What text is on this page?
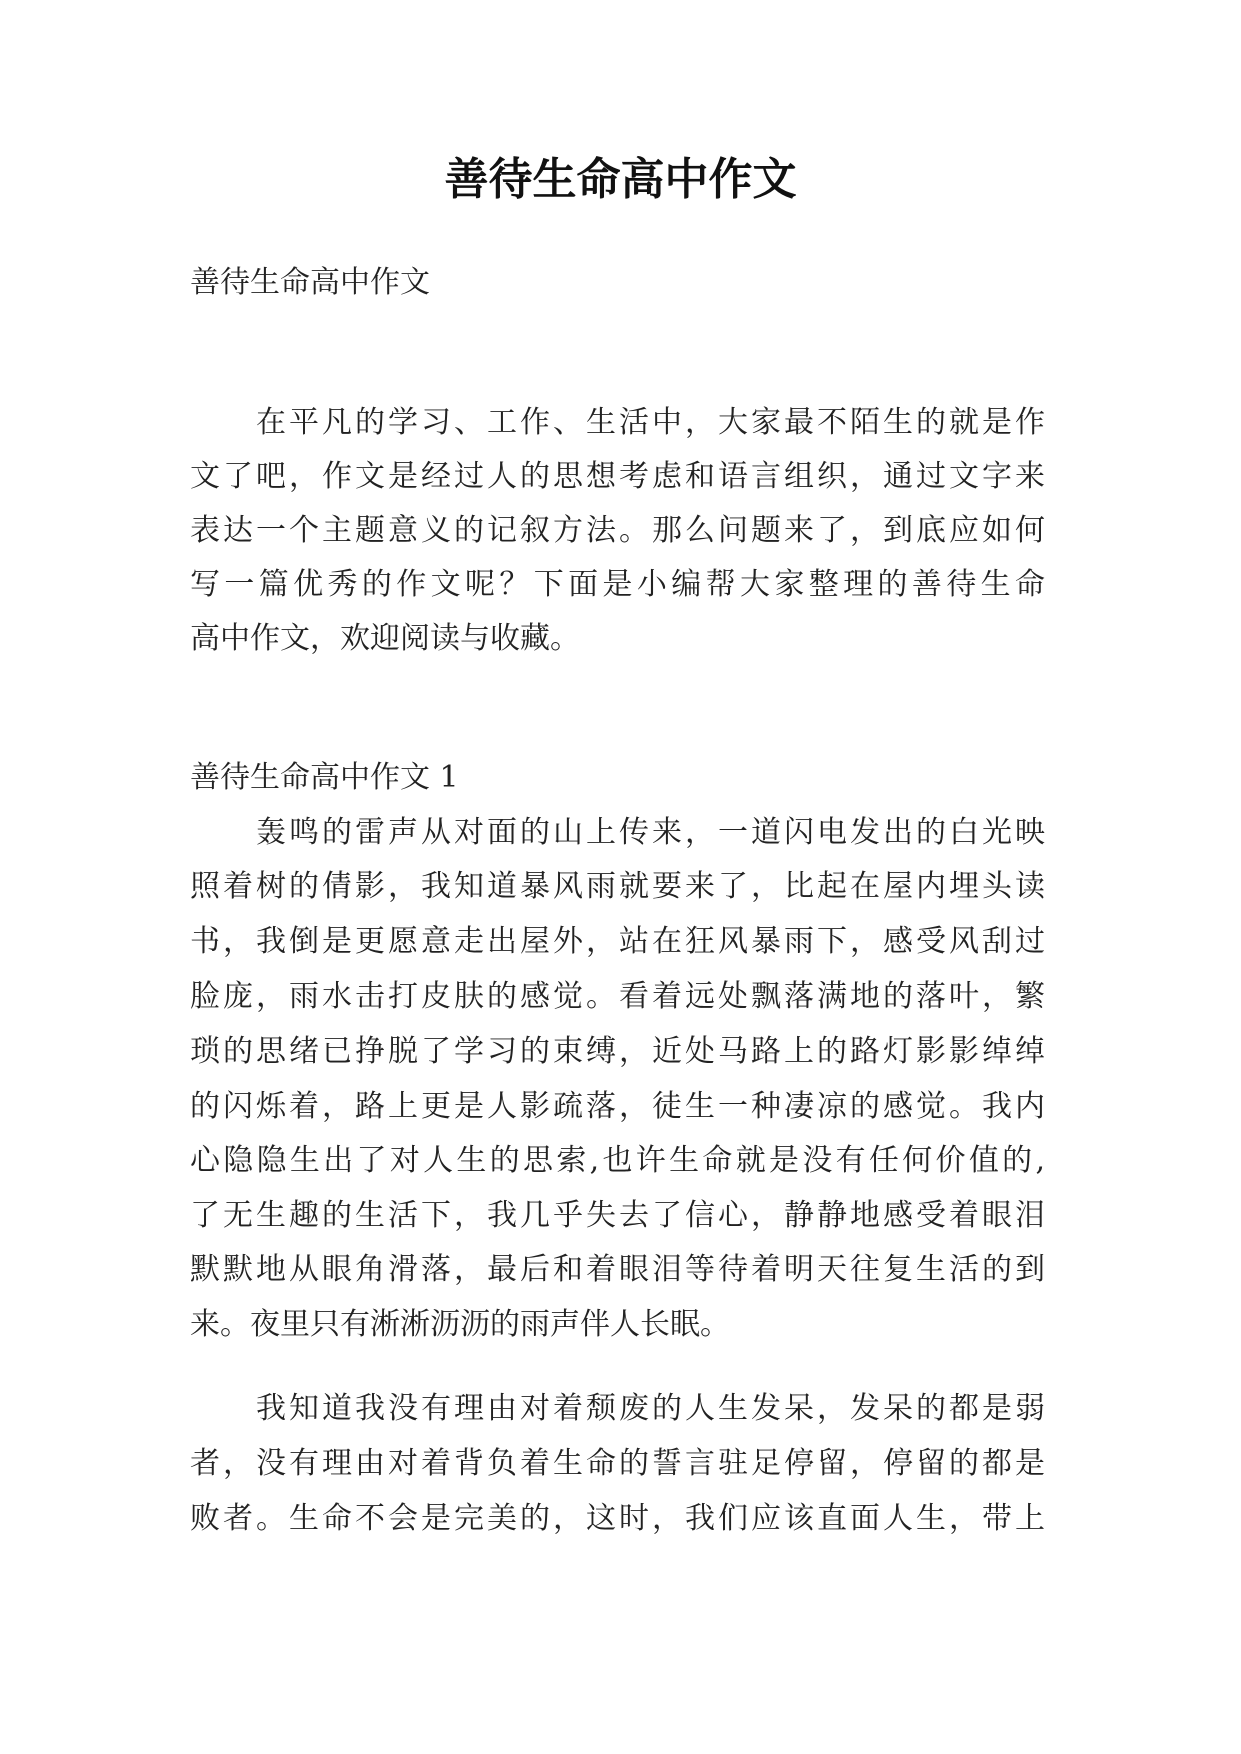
善待生命高中作文

善待生命高中作文

在平凡的学习、工作、生活中，大家最不陌生的就是作

文了吧，作文是经过人的思想考虑和语言组织，通过文字来

表达一个主题意义的记叙方法。那么问题来了，到底应如何

写一篇优秀的作文呢？下面是小编帮大家整理的善待生命

高中作文，欢迎阅读与收藏。

善待生命高中作文 1

轰鸣的雷声从对面的山上传来，一道闪电发出的白光映

照着树的倩影，我知道暴风雨就要来了，比起在屋内埋头读

书，我倒是更愿意走出屋外，站在狂风暴雨下，感受风刮过

脸庞，雨水击打皮肤的感觉。看着远处飘落满地的落叶，繁

琐的思绪已挣脱了学习的束缚，近处马路上的路灯影影绰绰

的闪烁着，路上更是人影疏落，徒生一种凄凉的感觉。我内

心隐隐生出了对人生的思索,也许生命就是没有任何价值的,

了无生趣的生活下，我几乎失去了信心，静静地感受着眼泪

默默地从眼角滑落，最后和着眼泪等待着明天往复生活的到

来。夜里只有淅淅沥沥的雨声伴人长眠。

我知道我没有理由对着颓废的人生发呆，发呆的都是弱

者，没有理由对着背负着生命的誓言驻足停留，停留的都是

败者。生命不会是完美的，这时，我们应该直面人生，带上
